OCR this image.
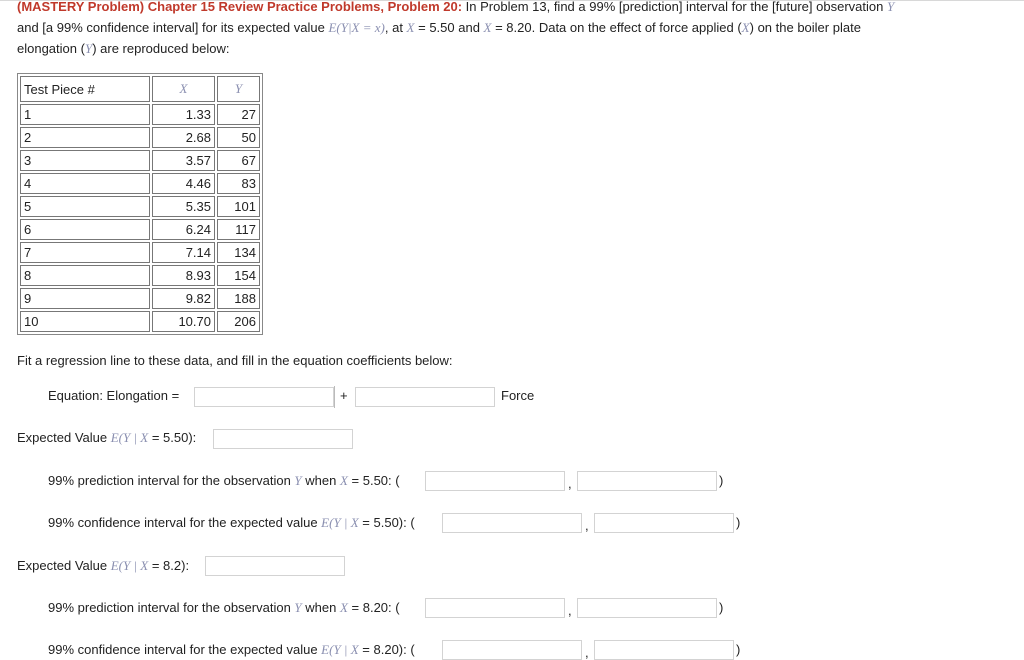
(MASTERY Problem) Chapter 15 Review Practice Problems, Problem 20: In Problem 13, find a 99% [prediction] interval for the [future] observation Y
and [a 99% confidence interval] for its expected value E(Y|X = x), at X = 5.50 and X = 8.20. Data on the effect of force applied (X) on the boiler plate
elongation (Y) are reproduced below:
Test Piece #	X	Y
1	1.33	27
2	2.68	50
3	3.57	67
4	4.46	83
5	5.35	101
6	6.24	117
7	7.14	134
8	8.93	154
9	9.82	188
10	10.70	206
Fit a regression line to these data, and fill in the equation coefficients below:
Equation: Elongation =	+	Force
Expected Value E(Y | X = 5.50):
99% prediction interval for the observation Y when X = 5.50: (	,	)
99% confidence interval for the expected value E(Y | X = 5.50): (	,	)
Expected Value E(Y | X = 8.2):
99% prediction interval for the observation Y when X = 8.20: (	,	)
99% confidence interval for the expected value E(Y | X = 8.20): (	,	)
